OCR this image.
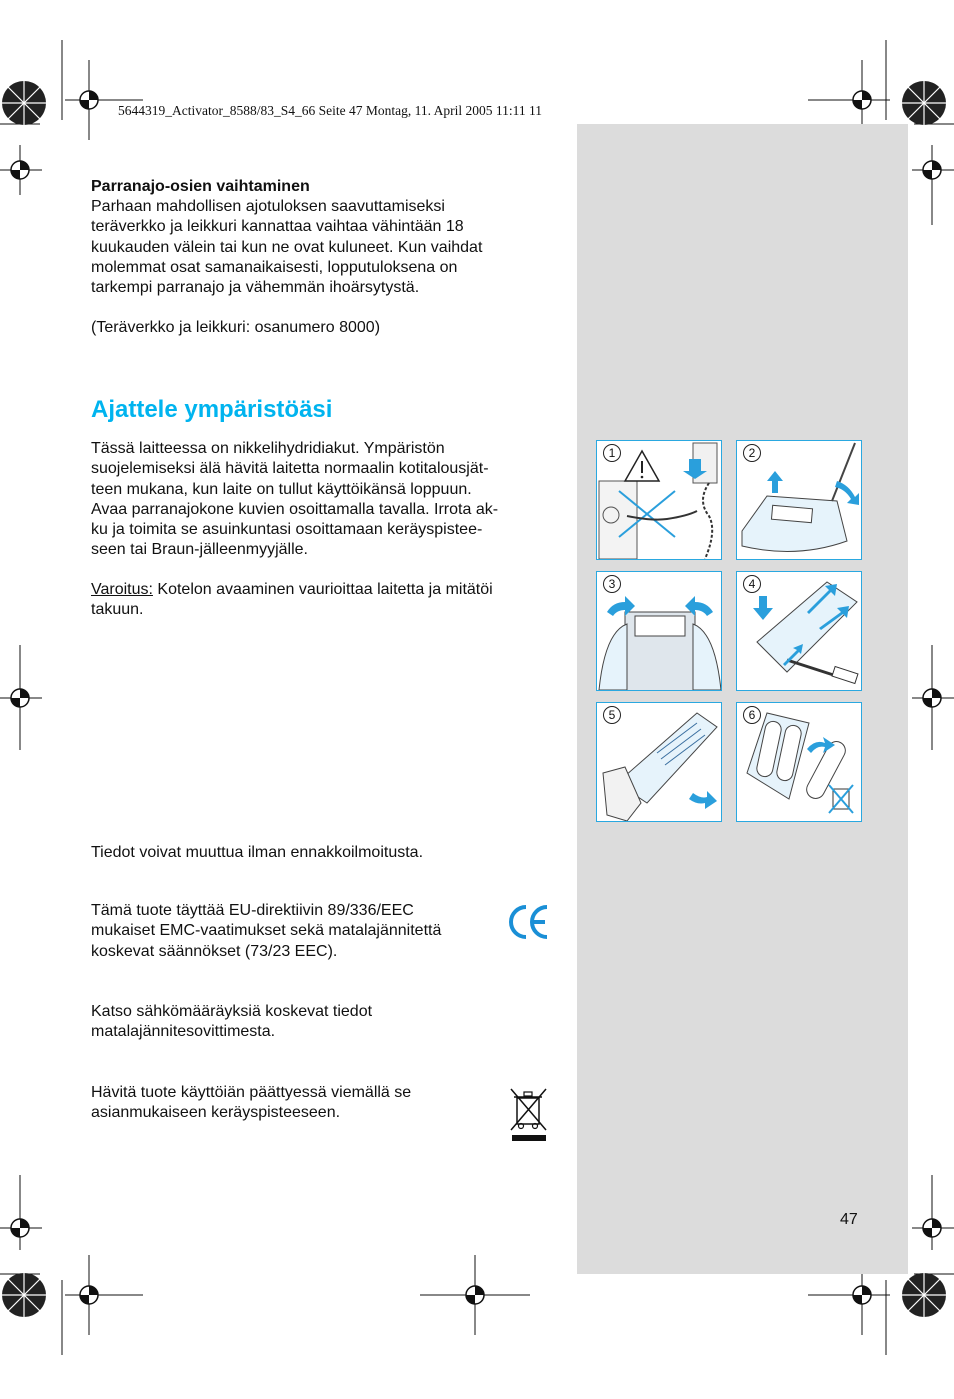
5644319_Activator_8588/83_S4_66 Seite 47 Montag, 11. April 2005 11:11 11
Parranajo-osien vaihtaminen
Parhaan mahdollisen ajotuloksen saavuttamiseksi
teräverkko ja leikkuri kannattaa vaihtaa vähintään 18
kuukauden välein tai kun ne ovat kuluneet. Kun vaihdat
molemmat osat samanaikaisesti, lopputuloksena on
tarkempi parranajo ja vähemmän ihoärsytystä.
(Teräverkko ja leikkuri: osanumero 8000)
Ajattele ympäristöäsi
Tässä laitteessa on nikkelihydridiakut. Ympäristön
suojelemiseksi älä hävitä laitetta normaalin kotitalousjät-
teen mukana, kun laite on tullut käyttöikänsä loppuun.
Avaa parranajokone kuvien osoittamalla tavalla. Irrota ak-
ku ja toimita se asuinkuntasi osoittamaan keräyspistee-
seen tai Braun-jälleenmyyjälle.
Varoitus: Kotelon avaaminen vaurioittaa laitetta ja mitätöi
takuun.
Tiedot voivat muuttua ilman ennakkoilmoitusta.
Tämä tuote täyttää EU-direktiivin 89/336/EEC
mukaiset EMC-vaatimukset sekä matalajännitettä
koskevat säännökset (73/23 EEC).
Katso sähkömääräyksiä koskevat tiedot
matalajännitesovittimesta.
Hävitä tuote käyttöiän päättyessä viemällä se
asianmukaiseen keräyspisteeseen.
1	2
3	4
5	6
47
